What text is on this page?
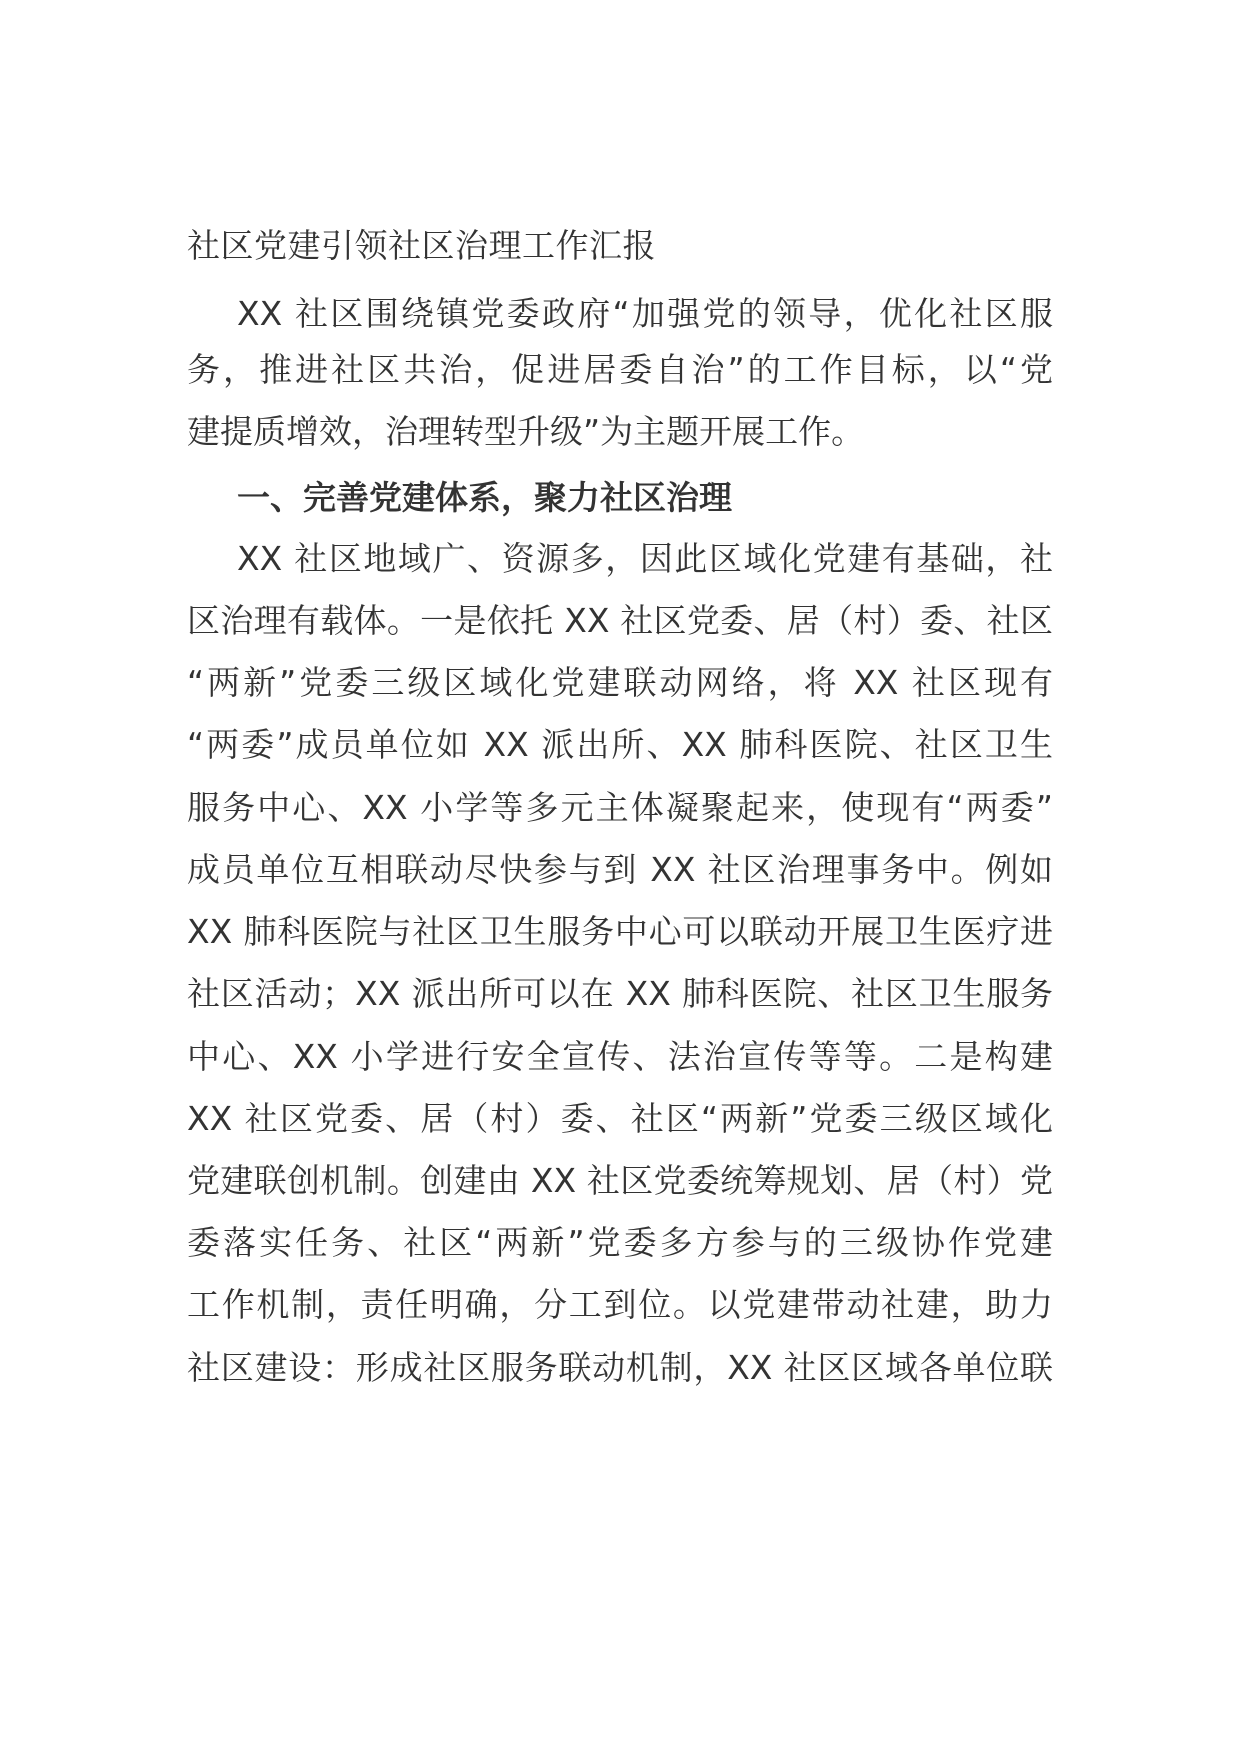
社区党建引领社区治理工作汇报

XX 社区围绕镇党委政府“加强党的领导，优化社区服

务，推进社区共治，促进居委自治”的工作目标，以“党

建提质增效，治理转型升级”为主题开展工作。

一、完善党建体系，聚力社区治理

XX 社区地域广、资源多，因此区域化党建有基础，社

区治理有载体。一是依托 XX 社区党委、居（村）委、社区

“两新”党委三级区域化党建联动网络，将 XX 社区现有

“两委”成员单位如 XX 派出所、XX 肺科医院、社区卫生

服务中心、XX 小学等多元主体凝聚起来，使现有“两委”

成员单位互相联动尽快参与到 XX 社区治理事务中。例如

XX 肺科医院与社区卫生服务中心可以联动开展卫生医疗进

社区活动；XX 派出所可以在 XX 肺科医院、社区卫生服务

中心、XX 小学进行安全宣传、法治宣传等等。二是构建

XX 社区党委、居（村）委、社区“两新”党委三级区域化

党建联创机制。创建由 XX 社区党委统筹规划、居（村）党

委落实任务、社区“两新”党委多方参与的三级协作党建

工作机制，责任明确，分工到位。以党建带动社建，助力

社区建设：形成社区服务联动机制，XX 社区区域各单位联
